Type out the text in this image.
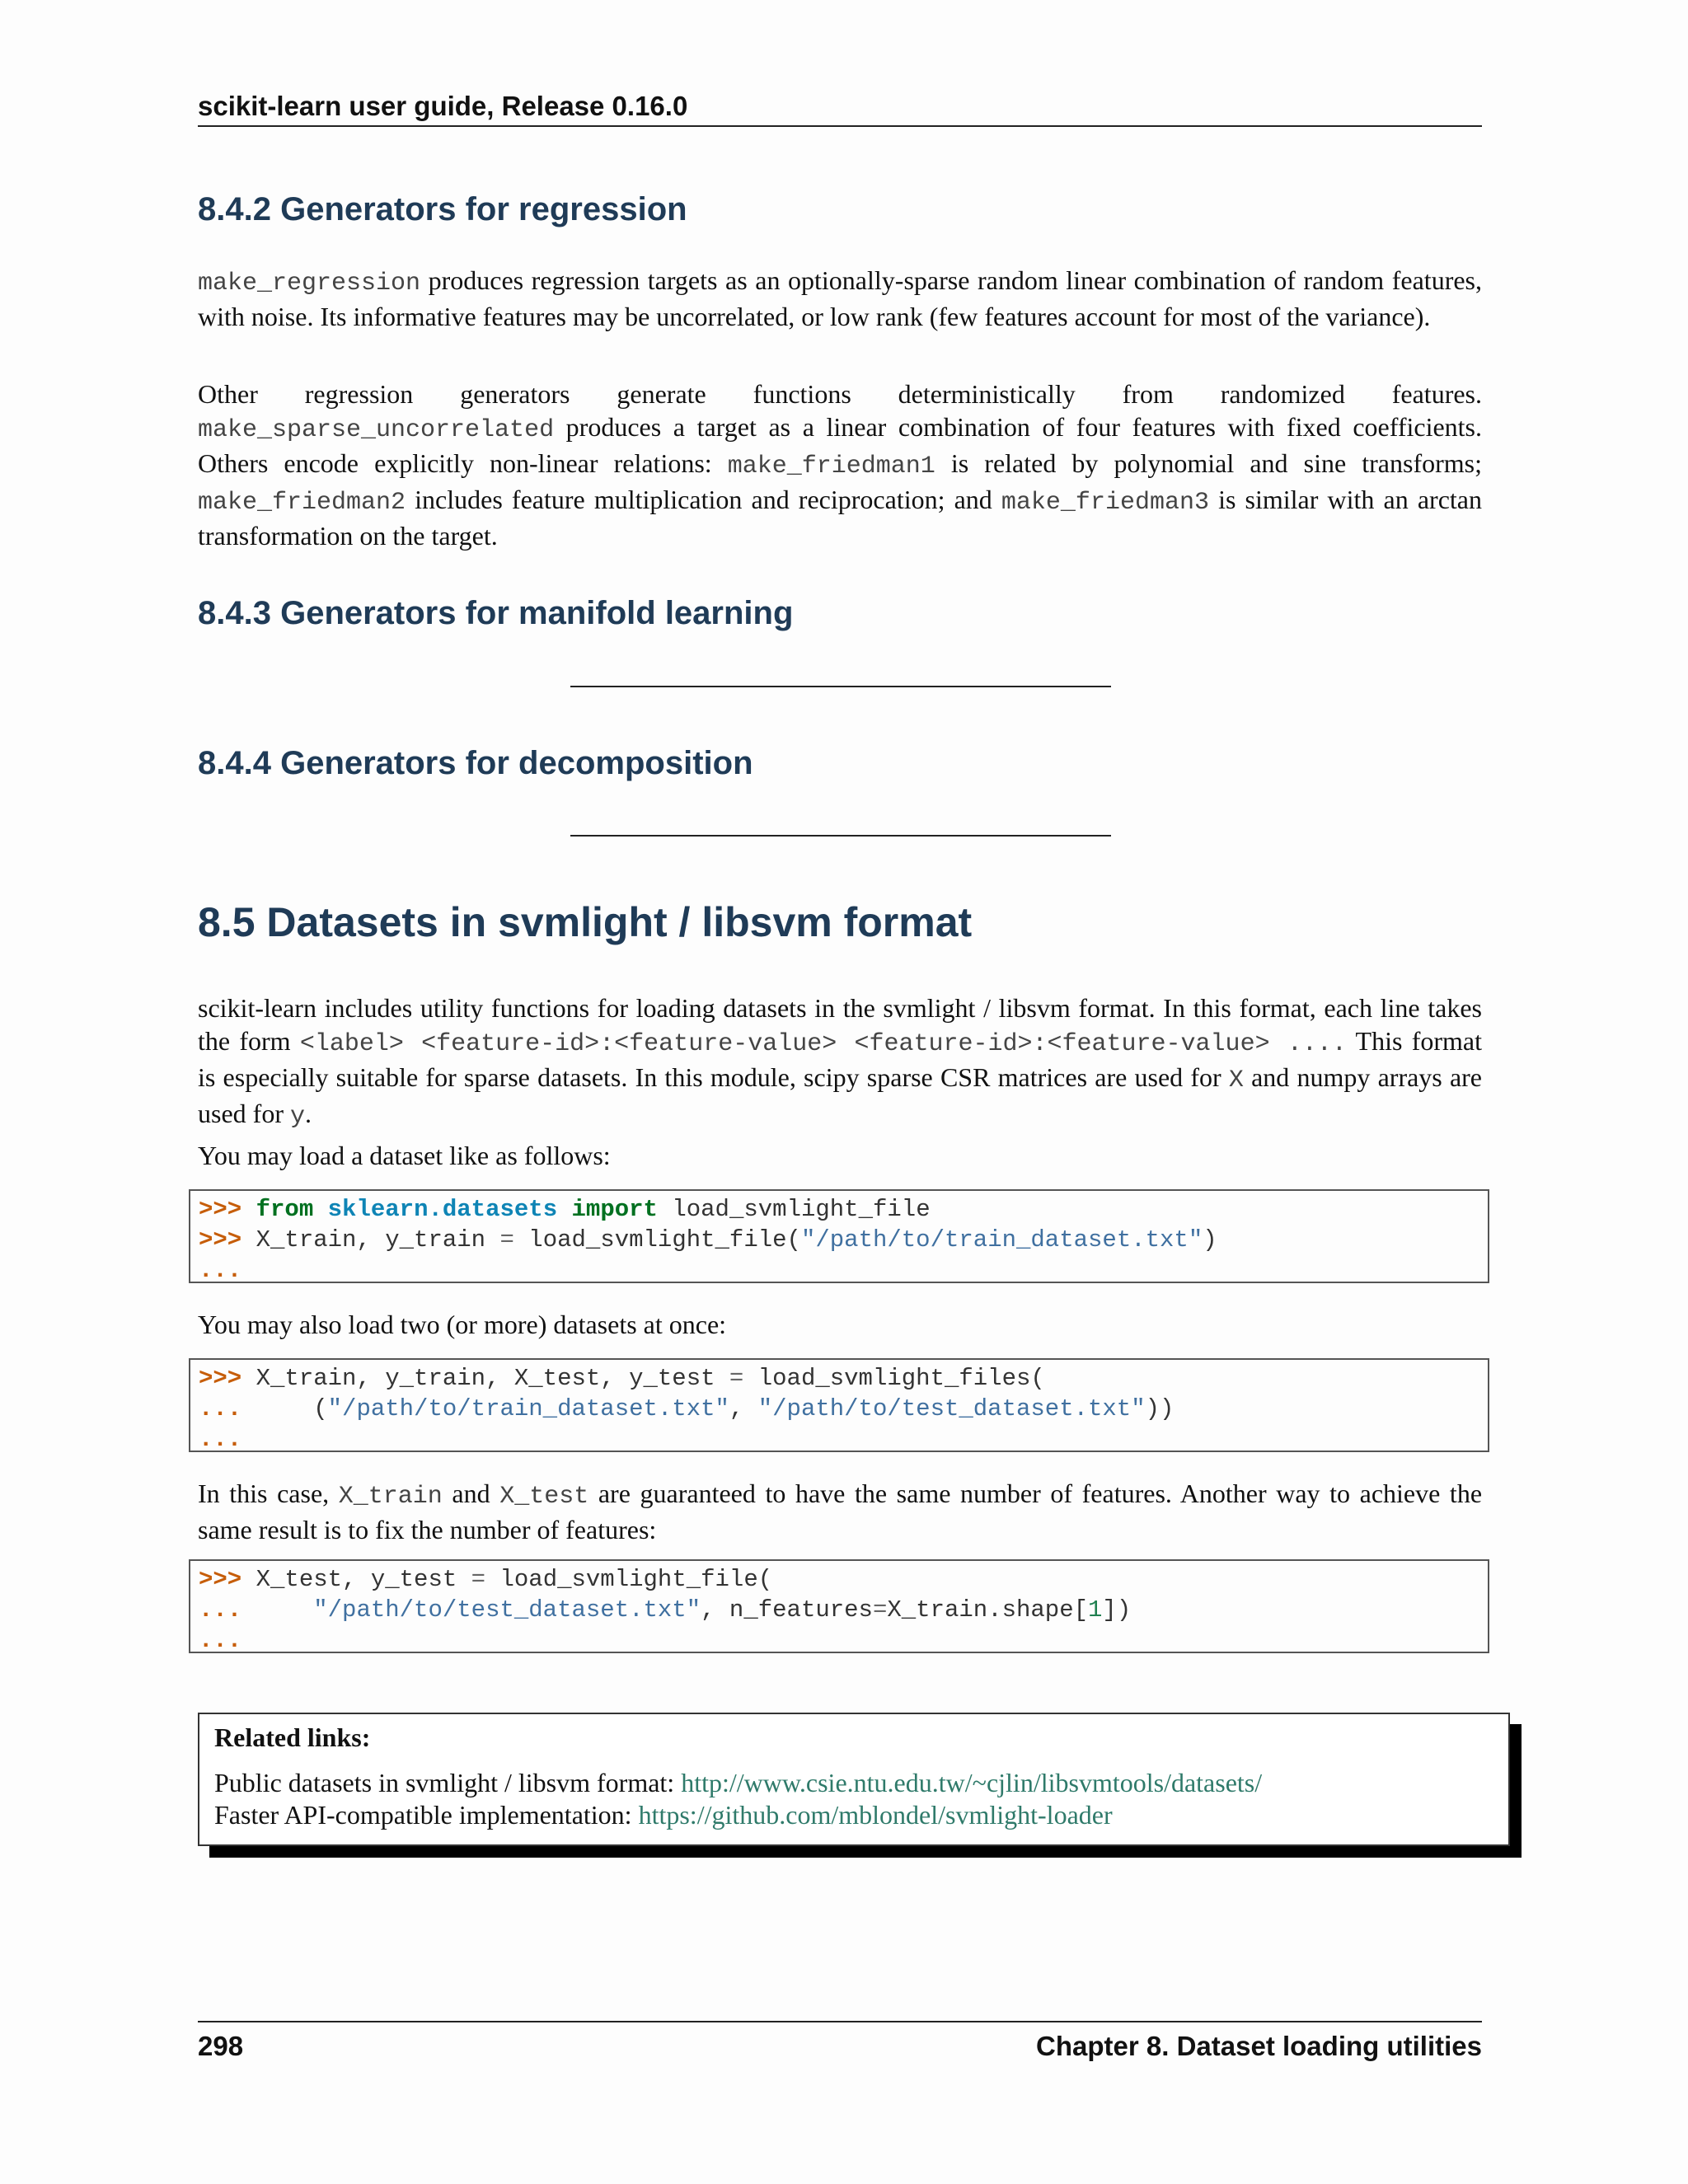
scikit-learn user guide, Release 0.16.0
8.4.2 Generators for regression
make_regression produces regression targets as an optionally-sparse random linear combination of random features, with noise. Its informative features may be uncorrelated, or low rank (few features account for most of the variance).
Other regression generators generate functions deterministically from randomized features. make_sparse_uncorrelated produces a target as a linear combination of four features with fixed coefficients. Others encode explicitly non-linear relations: make_friedman1 is related by polynomial and sine transforms; make_friedman2 includes feature multiplication and reciprocation; and make_friedman3 is similar with an arctan transformation on the target.
8.4.3 Generators for manifold learning
8.4.4 Generators for decomposition
8.5 Datasets in svmlight / libsvm format
scikit-learn includes utility functions for loading datasets in the svmlight / libsvm format. In this format, each line takes the form <label> <feature-id>:<feature-value> <feature-id>:<feature-value> .... This format is especially suitable for sparse datasets. In this module, scipy sparse CSR matrices are used for X and numpy arrays are used for y.
You may load a dataset like as follows:
>>> from sklearn.datasets import load_svmlight_file
>>> X_train, y_train = load_svmlight_file("/path/to/train_dataset.txt")
...
You may also load two (or more) datasets at once:
>>> X_train, y_train, X_test, y_test = load_svmlight_files(
...     ("/path/to/train_dataset.txt", "/path/to/test_dataset.txt"))
...
In this case, X_train and X_test are guaranteed to have the same number of features. Another way to achieve the same result is to fix the number of features:
>>> X_test, y_test = load_svmlight_file(
...     "/path/to/test_dataset.txt", n_features=X_train.shape[1])
...
Related links:
Public datasets in svmlight / libsvm format: http://www.csie.ntu.edu.tw/~cjlin/libsvmtools/datasets/
Faster API-compatible implementation: https://github.com/mblondel/svmlight-loader
298	Chapter 8. Dataset loading utilities
